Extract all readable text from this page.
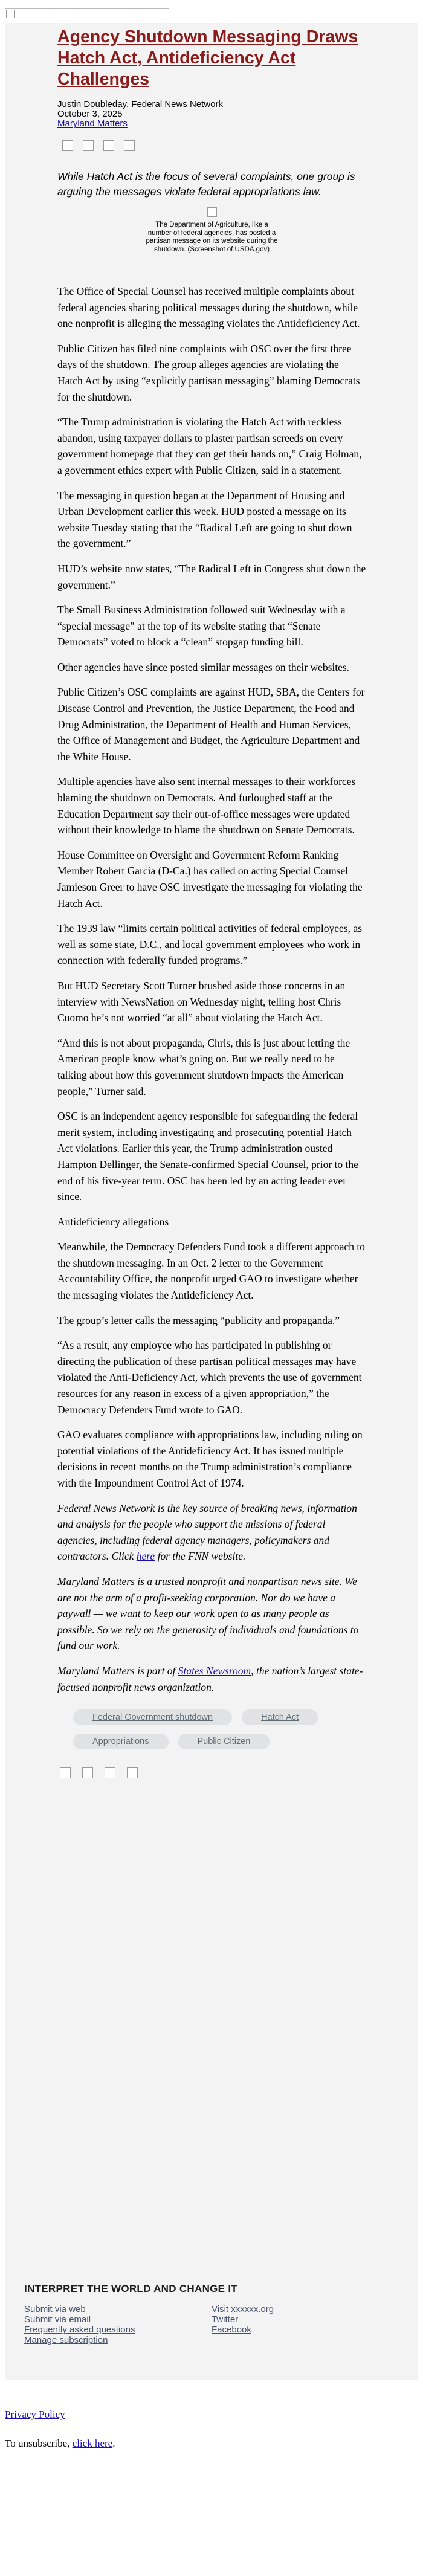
Agency Shutdown Messaging Draws Hatch Act, Antideficiency Act Challenges
Justin Doubleday, Federal News Network
October 3, 2025
Maryland Matters

While Hatch Act is the focus of several complaints, one group is arguing the messages violate federal appropriations law.

The Department of Agriculture, like a number of federal agencies, has posted a partisan message on its website during the shutdown. (Screenshot of USDA.gov)

The Office of Special Counsel has received multiple complaints about federal agencies sharing political messages during the shutdown, while one nonprofit is alleging the messaging violates the Antideficiency Act.

Public Citizen has filed nine complaints with OSC over the first three days of the shutdown. The group alleges agencies are violating the Hatch Act by using “explicitly partisan messaging” blaming Democrats for the shutdown.

“The Trump administration is violating the Hatch Act with reckless abandon, using taxpayer dollars to plaster partisan screeds on every government homepage that they can get their hands on,” Craig Holman, a government ethics expert with Public Citizen, said in a statement.

The messaging in question began at the Department of Housing and Urban Development earlier this week. HUD posted a message on its website Tuesday stating that the “Radical Left are going to shut down the government.”

HUD’s website now states, “The Radical Left in Congress shut down the government.”

The Small Business Administration followed suit Wednesday with a “special message” at the top of its website stating that “Senate Democrats” voted to block a “clean” stopgap funding bill.

Other agencies have since posted similar messages on their websites.

Public Citizen’s OSC complaints are against HUD, SBA, the Centers for Disease Control and Prevention, the Justice Department, the Food and Drug Administration, the Department of Health and Human Services, the Office of Management and Budget, the Agriculture Department and the White House.

Multiple agencies have also sent internal messages to their workforces blaming the shutdown on Democrats. And furloughed staff at the Education Department say their out-of-office messages were updated without their knowledge to blame the shutdown on Senate Democrats.

House Committee on Oversight and Government Reform Ranking Member Robert Garcia (D-Ca.) has called on acting Special Counsel Jamieson Greer to have OSC investigate the messaging for violating the Hatch Act.

The 1939 law “limits certain political activities of federal employees, as well as some state, D.C., and local government employees who work in connection with federally funded programs.”

But HUD Secretary Scott Turner brushed aside those concerns in an interview with NewsNation on Wednesday night, telling host Chris Cuomo he’s not worried “at all” about violating the Hatch Act.

“And this is not about propaganda, Chris, this is just about letting the American people know what’s going on. But we really need to be talking about how this government shutdown impacts the American people,” Turner said.

OSC is an independent agency responsible for safeguarding the federal merit system, including investigating and prosecuting potential Hatch Act violations. Earlier this year, the Trump administration ousted Hampton Dellinger, the Senate-confirmed Special Counsel, prior to the end of his five-year term. OSC has been led by an acting leader ever since.

Antideficiency allegations

Meanwhile, the Democracy Defenders Fund took a different approach to the shutdown messaging. In an Oct. 2 letter to the Government Accountability Office, the nonprofit urged GAO to investigate whether the messaging violates the Antideficiency Act.

The group’s letter calls the messaging “publicity and propaganda.”

“As a result, any employee who has participated in publishing or directing the publication of these partisan political messages may have violated the Anti-Deficiency Act, which prevents the use of government resources for any reason in excess of a given appropriation,” the Democracy Defenders Fund wrote to GAO.

GAO evaluates compliance with appropriations law, including ruling on potential violations of the Antideficiency Act. It has issued multiple decisions in recent months on the Trump administration’s compliance with the Impoundment Control Act of 1974.

Federal News Network is the key source of breaking news, information and analysis for the people who support the missions of federal agencies, including federal agency managers, policymakers and contractors. Click here for the FNN website.

Maryland Matters is a trusted nonprofit and nonpartisan news site. We are not the arm of a profit-seeking corporation. Nor do we have a paywall — we want to keep our work open to as many people as possible. So we rely on the generosity of individuals and foundations to fund our work.

Maryland Matters is part of States Newsroom, the nation’s largest state-focused nonprofit news organization.

Federal Government shutdown	Hatch Act
Appropriations	Public Citizen
INTERPRET THE WORLD AND CHANGE IT
Submit via web
Submit via email
Frequently asked questions
Manage subscription
Visit xxxxxx.org
Twitter
Facebook
Privacy Policy
To unsubscribe, click here.
